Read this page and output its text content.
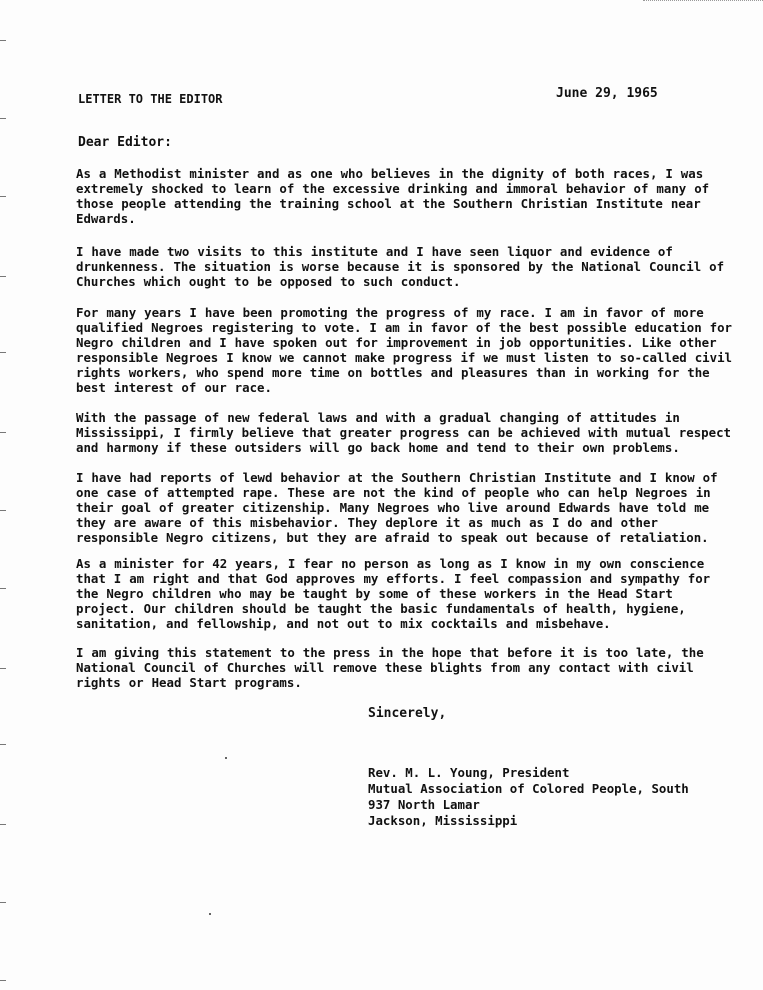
LETTER TO THE EDITOR	June 29, 1965
Dear Editor:
As a Methodist minister and as one who believes in the dignity of both races, I was extremely shocked to learn of the excessive drinking and immoral behavior of many of those people attending the training school at the Southern Christian Institute near Edwards.
I have made two visits to this institute and I have seen liquor and evidence of drunkenness. The situation is worse because it is sponsored by the National Council of Churches which ought to be opposed to such conduct.
For many years I have been promoting the progress of my race. I am in favor of more qualified Negroes registering to vote. I am in favor of the best possible education for Negro children and I have spoken out for improvement in job opportunities. Like other responsible Negroes I know we cannot make progress if we must listen to so-called civil rights workers, who spend more time on bottles and pleasures than in working for the best interest of our race.
With the passage of new federal laws and with a gradual changing of attitudes in Mississippi, I firmly believe that greater progress can be achieved with mutual respect and harmony if these outsiders will go back home and tend to their own problems.
I have had reports of lewd behavior at the Southern Christian Institute and I know of one case of attempted rape. These are not the kind of people who can help Negroes in their goal of greater citizenship. Many Negroes who live around Edwards have told me they are aware of this misbehavior. They deplore it as much as I do and other responsible Negro citizens, but they are afraid to speak out because of retaliation.
As a minister for 42 years, I fear no person as long as I know in my own conscience that I am right and that God approves my efforts. I feel compassion and sympathy for the Negro children who may be taught by some of these workers in the Head Start project. Our children should be taught the basic fundamentals of health, hygiene, sanitation, and fellowship, and not out to mix cocktails and misbehave.
I am giving this statement to the press in the hope that before it is too late, the National Council of Churches will remove these blights from any contact with civil rights or Head Start programs.
Sincerely,
Rev. M. L. Young, President
Mutual Association of Colored People, South
937 North Lamar
Jackson, Mississippi
